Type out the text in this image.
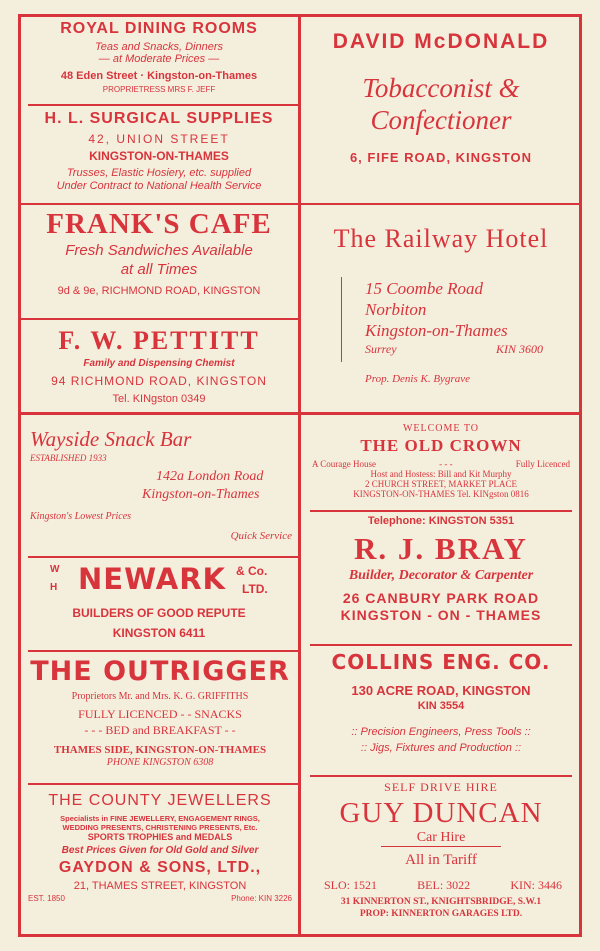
ROYAL DINING ROOMS
Teas and Snacks, Dinners
— at Moderate Prices —
48 Eden Street · Kingston-on-Thames
PROPRIETRESS MRS F. JEFF
H. L. SURGICAL SUPPLIES
42, UNION STREET
KINGSTON-ON-THAMES
Trusses, Elastic Hosiery, etc. supplied
Under Contract to National Health Service
FRANK'S CAFE
Fresh Sandwiches Available
at all Times
9d & 9e, RICHMOND ROAD, KINGSTON
F. W. PETTITT
Family and Dispensing Chemist
94 RICHMOND ROAD, KINGSTON
Tel. KINgston 0349
DAVID McDONALD
Tobacconist &
Confectioner
6, FIFE ROAD, KINGSTON
The Railway Hotel
15 Coombe Road
Norbiton
Kingston-on-Thames
Surrey	KIN 3600
Prop. Denis K. Bygrave
Wayside Snack Bar
ESTABLISHED 1933
142a London Road
Kingston-on-Thames
Kingston's Lowest Prices
Quick Service
W
H NEWARK & Co.
LTD.
BUILDERS OF GOOD REPUTE
KINGSTON 6411
THE OUTRIGGER
Proprietors Mr. and Mrs. K. G. GRIFFITHS
FULLY LICENCED - - SNACKS
- - - BED and BREAKFAST - -
THAMES SIDE, KINGSTON-ON-THAMES
PHONE KINGSTON 6308
THE COUNTY JEWELLERS
Specialists in FINE JEWELLERY, ENGAGEMENT RINGS,
WEDDING PRESENTS, CHRISTENING PRESENTS, Etc.
SPORTS TROPHIES and MEDALS
Best Prices Given for Old Gold and Silver
GAYDON & SONS, LTD.,
21, THAMES STREET, KINGSTON
EST. 1850	Phone: KIN 3226
WELCOME TO
THE OLD CROWN
A Courage House	- - -	Fully Licenced
Host and Hostess: Bill and Kit Murphy
2 CHURCH STREET, MARKET PLACE
KINGSTON-ON-THAMES Tel. KINgston 0816
Telephone: KINGSTON 5351
R. J. BRAY
Builder, Decorator & Carpenter
26 CANBURY PARK ROAD
KINGSTON - ON - THAMES
COLLINS ENG. CO.
130 ACRE ROAD, KINGSTON
KIN 3554
:: Precision Engineers, Press Tools ::
:: Jigs, Fixtures and Production ::
SELF DRIVE HIRE
GUY DUNCAN
Car Hire
All in Tariff
SLO: 1521	BEL: 3022	KIN: 3446
31 KINNERTON ST., KNIGHTSBRIDGE, S.W.1
PROP: KINNERTON GARAGES LTD.
